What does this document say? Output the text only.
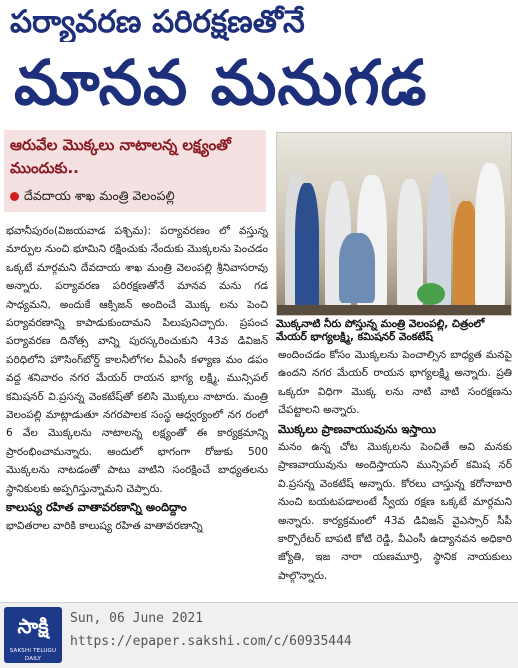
పర్యావరణ పరిరక్షణతోనే
మానవ మనుగడ
ఆరువేల మొక్కలు నాటాలన్న లక్ష్యంతో ముందుకు..
దేవదాయ శాఖ మంత్రి వెలంపల్లి
భవానీపురం(విజయవాడ పశ్చిమ): పర్యావరణం లో వస్తున్న మార్పుల నుంచి భూమిని రక్షించుకు నేందుకు మొక్కలను పెంచడం ఒక్కటే మార్గమని దేవదాయ శాఖ మంత్రి వెలంపల్లి శ్రీనివాసరావు అన్నారు. పర్యావరణ పరిరక్షణతోనే మానవ మను గడ సాధ్యమని, అందుకే ఆక్సిజన్ అందించే మొక్క లను పెంచి పర్యావరణాన్ని కాపాడుకుందామని పిలుపునిచ్చారు. ప్రపంచ పర్యావరణ దినోత్స వాన్ని పురస్కరించుకుని 43వ డివిజన్ పరిధిలోని హౌసింగ్‌బోర్డ్ కాలనీలోగల వీఎంసీ కళ్యాణ మం డపం వద్ద శనివారం నగర మేయర్ రాయన భాగ్య లక్ష్మి, మున్సిపల్ కమిషనర్ వి.ప్రసన్న వెంకటేష్‌తో కలిసి మొక్కలు నాటారు. మంత్రి వెలంపల్లి మాట్లాడుతూ నగరపాలక సంస్థ ఆధ్వర్యంలో నగ రంలో 6 వేల మొక్కలను నాటాలన్న లక్ష్యంతో ఈ కార్యక్రమాన్ని ప్రారంభించామన్నారు. అందులో భాగంగా రోజుకు 500 మొక్కలను నాటడంతో పాటు వాటిని సంరక్షించే బాధ్యతలను స్థానికులకు అప్పగిస్తున్నామని చెప్పారు.
కాలుష్య రహిత వాతావరణాన్ని అందిద్దాం
భావితరాల వారికి కాలుష్య రహిత వాతావరణాన్ని
మొక్కనాటి నీరు పోస్తున్న మంత్రి వెలంపల్లి, చిత్రంలో మేయర్ భాగ్యలక్ష్మి, కమిషనర్ వెంకటేష్
అందించడం కోసం మొక్కలను పెంచాల్సిన బాధ్యత మనపై ఉందని నగర మేయర్ రాయన భాగ్యలక్ష్మి అన్నారు. ప్రతి ఒక్కరూ విధిగా మొక్క లను నాటి వాటి సంరక్షణను చేపట్టాలని అన్నారు.
మొక్కలు ప్రాణవాయువును ఇస్తాయి
మనం ఉన్న చోట మొక్కలను పెంచితే అవి మనకు ప్రాణవాయువును అందిస్తాయని మున్సిపల్ కమిష నర్ వి.ప్రసన్న వెంకటేష్ అన్నారు. కోరలు చాస్తున్న కరోనాబారి నుంచి బయటపడాలంటే స్వీయ రక్షణ ఒక్కటే మార్గమని అన్నారు. కార్యక్రమంలో 43వ డివిజన్ వైఎస్సార్ సీపీ కార్పొరేటర్ బాపటి కోటి రెడ్డి, వీఎంసీ ఉద్యానవన అధికారి జ్యోతి, ఇజ నారా యణమూర్తి, స్థానిక నాయకులు పాల్గొన్నారు.
సాక్షి
SAKSHI TELUGU DAILY
Sun, 06 June 2021
https://epaper.sakshi.com/c/60935444
